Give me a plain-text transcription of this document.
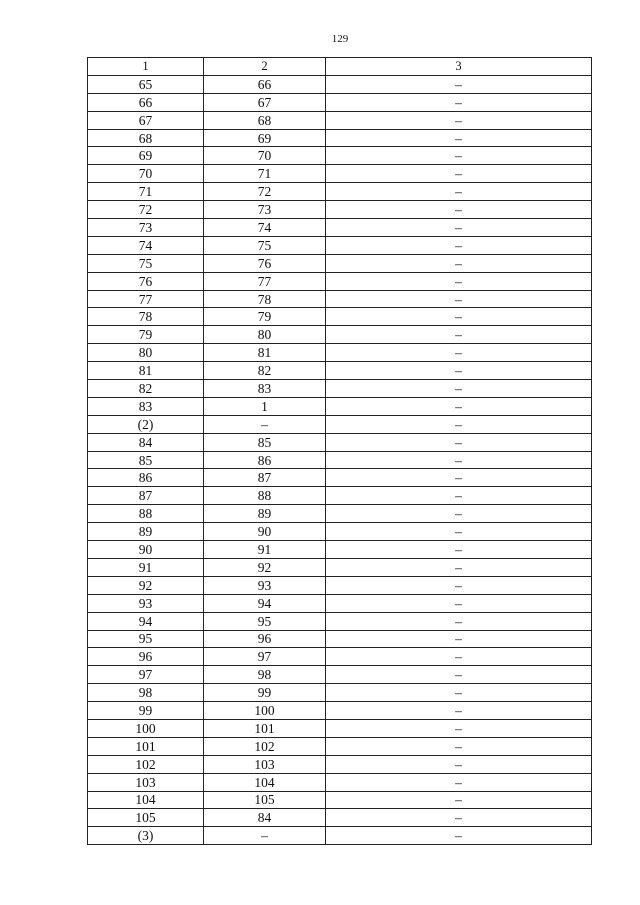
129
1	2	3
65	66	–
66	67	–
67	68	–
68	69	–
69	70	–
70	71	–
71	72	–
72	73	–
73	74	–
74	75	–
75	76	–
76	77	–
77	78	–
78	79	–
79	80	–
80	81	–
81	82	–
82	83	–
83	1	–
(2)	–	–
84	85	–
85	86	–
86	87	–
87	88	–
88	89	–
89	90	–
90	91	–
91	92	–
92	93	–
93	94	–
94	95	–
95	96	–
96	97	–
97	98	–
98	99	–
99	100	–
100	101	–
101	102	–
102	103	–
103	104	–
104	105	–
105	84	–
(3)	–	–
